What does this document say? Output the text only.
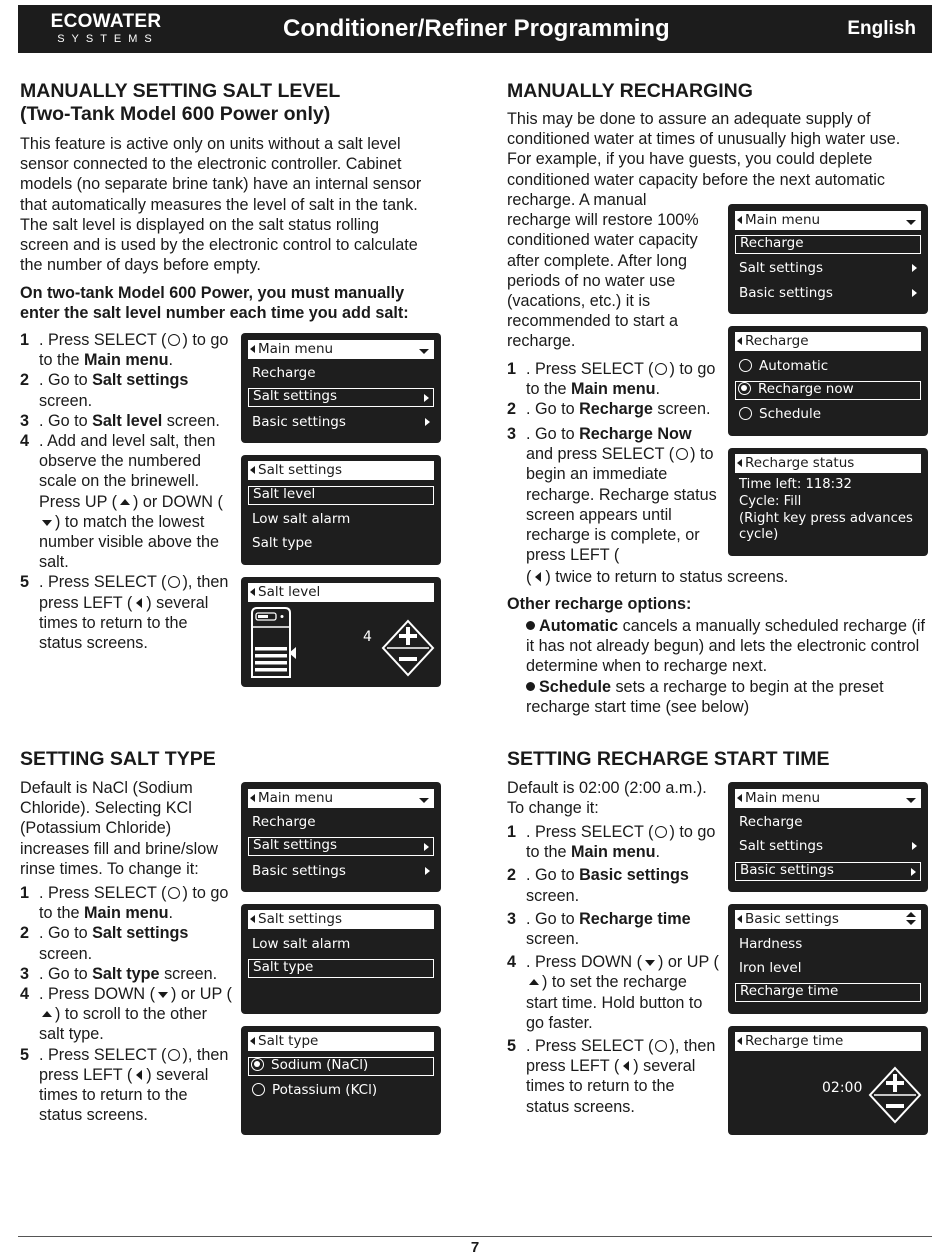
ECOWATER
SYSTEMS	Conditioner/Refiner Programming	English
MANUALLY SETTING SALT LEVEL
(Two-Tank Model 600 Power only)
This feature is active only on units without a salt level sensor connected to the electronic controller. Cabinet models (no separate brine tank) have an internal sensor that automatically measures the level of salt in the tank. The salt level is displayed on the salt status rolling screen and is used by the electronic control to calculate the number of days before empty.
On two-tank Model 600 Power, you must manually enter the salt level number each time you add salt:
1 . Press SELECT ( ) to go to the Main menu.
2 . Go to Salt settings screen.
3 . Go to Salt level screen.
4 . Add and level salt, then observe the numbered scale on the brinewell. Press UP ( ) or DOWN () to match the lowest number visible above the salt.
5 . Press SELECT ( ), then press LEFT ( ) several times to return to the status screens.
Main menu
Recharge
Salt settings
Basic settings
Salt settings
Salt level
Low salt alarm
Salt type
Salt level
4
MANUALLY RECHARGING
This may be done to assure an adequate supply of conditioned water at times of unusually high water use. For example, if you have guests, you could deplete conditioned water capacity before the next automatic
recharge. A manual
recharge will restore 100%
conditioned water capacity
after complete. After long
periods of no water use
(vacations, etc.) it is
recommended to start a
recharge.
1 . Press SELECT ( ) to go to the Main menu.
2 . Go to Recharge screen.
3 . Go to Recharge Now
and press SELECT ( ) to begin an immediate recharge. Recharge status screen appears until recharge is complete, or press LEFT (
( ) twice to return to status screens.
Other recharge options:
Automatic cancels a manually scheduled recharge (if it has not already begun) and lets the electronic control determine when to recharge next.
Schedule sets a recharge to begin at the preset recharge start time (see below)
Main menu
Recharge
Salt settings
Basic settings
Recharge
Automatic
Recharge now
Schedule
Recharge status
Time left: 118:32
Cycle: Fill
(Right key press advances
cycle)
SETTING SALT TYPE
Default is NaCl (Sodium Chloride). Selecting KCl (Potassium Chloride) increases fill and brine/slow rinse times. To change it:
1 . Press SELECT ( ) to go to the Main menu.
2 . Go to Salt settings screen.
3 . Go to Salt type screen.
4 . Press DOWN ( ) or UP () to scroll to the other salt type.
5 . Press SELECT ( ), then press LEFT ( ) several times to return to the status screens.
Main menu
Recharge
Salt settings
Basic settings
Salt settings
Low salt alarm
Salt type
Salt type
Sodium (NaCl)
Potassium (KCl)
SETTING RECHARGE START TIME
Default is 02:00 (2:00 a.m.). To change it:
1 . Press SELECT ( ) to go to the Main menu.
2 . Go to Basic settings screen.
3 . Go to Recharge time screen.
4 . Press DOWN ( ) or UP () to set the recharge start time. Hold button to go faster.
5 . Press SELECT ( ), then press LEFT ( ) several times to return to the status screens.
Main menu
Recharge
Salt settings
Basic settings
Basic settings
Hardness
Iron level
Recharge time
Recharge time
02:00
7
